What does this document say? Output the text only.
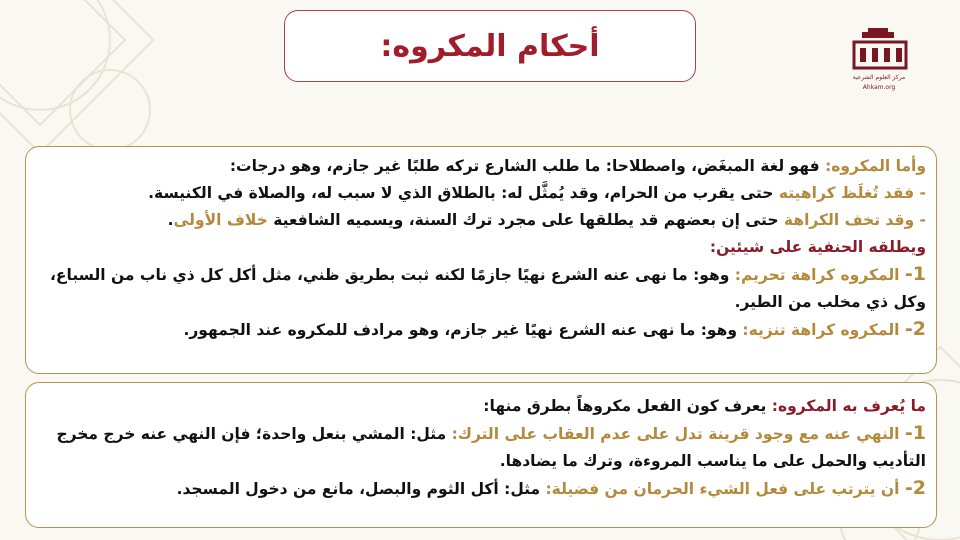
أحكام المكروه:
مركز العلوم الشرعية
Ahkam.org
وأما المكروه: فهو لغة المبغَض، واصطلاحا: ما طلب الشارع تركه طلبًا غير جازم، وهو درجات:
- فقد تُغلَظ كراهيته حتى يقرب من الحرام، وقد يُمثَّل له: بالطلاق الذي لا سبب له، والصلاة في الكنيسة.
- وقد تخف الكراهة حتى إن بعضهم قد يطلقها على مجرد ترك السنة، ويسميه الشافعية خلاف الأولى.
ويطلقه الحنفية على شيئين:
1- المكروه كراهة تحريم: وهو: ما نهى عنه الشرع نهيًا جازمًا لكنه ثبت بطريق ظني، مثل أكل كل ذي ناب من السباع، وكل ذي مخلب من الطير.
2- المكروه كراهة تنزيه: وهو: ما نهى عنه الشرع نهيًا غير جازم، وهو مرادف للمكروه عند الجمهور.
ما يُعرف به المكروه: يعرف كون الفعل مكروهاً بطرق منها:
1- النهي عنه مع وجود قرينة تدل على عدم العقاب على الترك: مثل: المشي بنعل واحدة؛ فإن النهي عنه خرج مخرج التأديب والحمل على ما يناسب المروءة، وترك ما يضادها.
2- أن يترتب على فعل الشيء الحرمان من فضيلة: مثل: أكل الثوم والبصل، مانع من دخول المسجد.
